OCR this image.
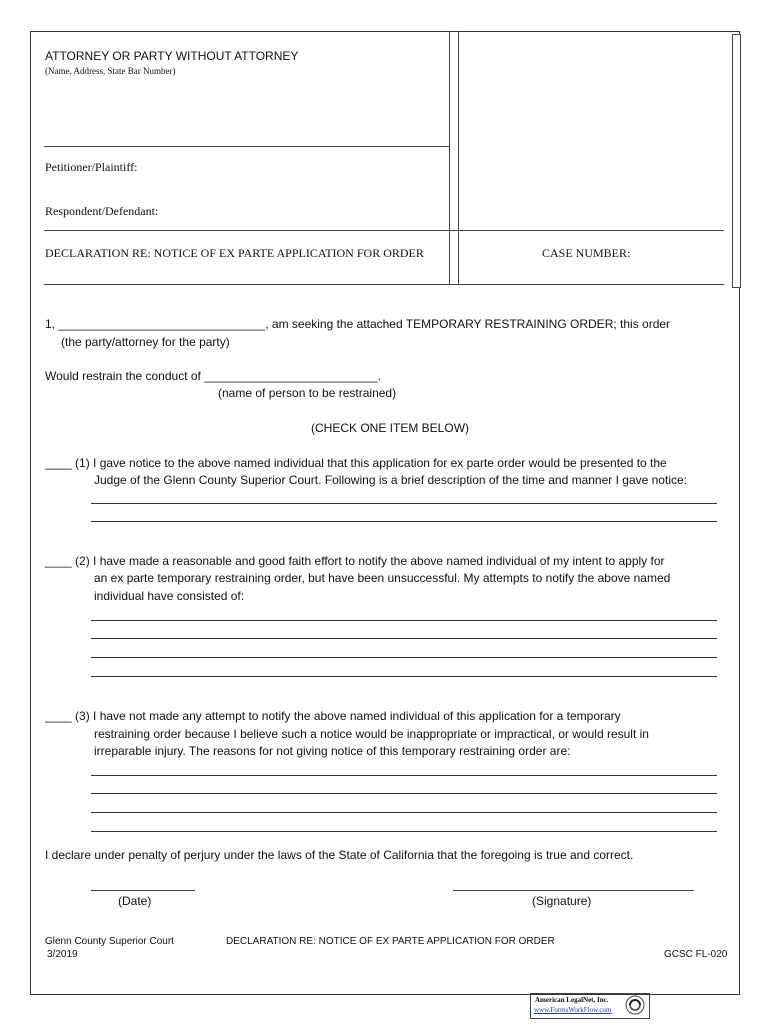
ATTORNEY OR PARTY WITHOUT ATTORNEY
(Name, Address, State Bar Number)
Petitioner/Plaintiff:
Respondent/Defendant:
DECLARATION RE: NOTICE OF EX PARTE APPLICATION FOR ORDER	CASE NUMBER:
1, _______________________________, am seeking the attached TEMPORARY RESTRAINING ORDER; this order
(the party/attorney for the party)
Would restrain the conduct of __________________________.
(name of person to be restrained)
(CHECK ONE ITEM BELOW)
____ (1) I gave notice to the above named individual that this application for ex parte order would be presented to the
Judge of the Glenn County Superior Court. Following is a brief description of the time and manner I gave notice:
____ (2) I have made a reasonable and good faith effort to notify the above named individual of my intent to apply for
an ex parte temporary restraining order, but have been unsuccessful. My attempts to notify the above named
individual have consisted of:
____ (3) I have not made any attempt to notify the above named individual of this application for a temporary
restraining order because I believe such a notice would be inappropriate or impractical, or would result in
irreparable injury. The reasons for not giving notice of this temporary restraining order are:
I declare under penalty of perjury under the laws of the State of California that the foregoing is true and correct.
(Date)	(Signature)
Glenn County Superior Court
3/2019
DECLARATION RE: NOTICE OF EX PARTE APPLICATION FOR ORDER
GCSC FL-020
American LegalNet, Inc.
www.FormsWorkFlow.com
